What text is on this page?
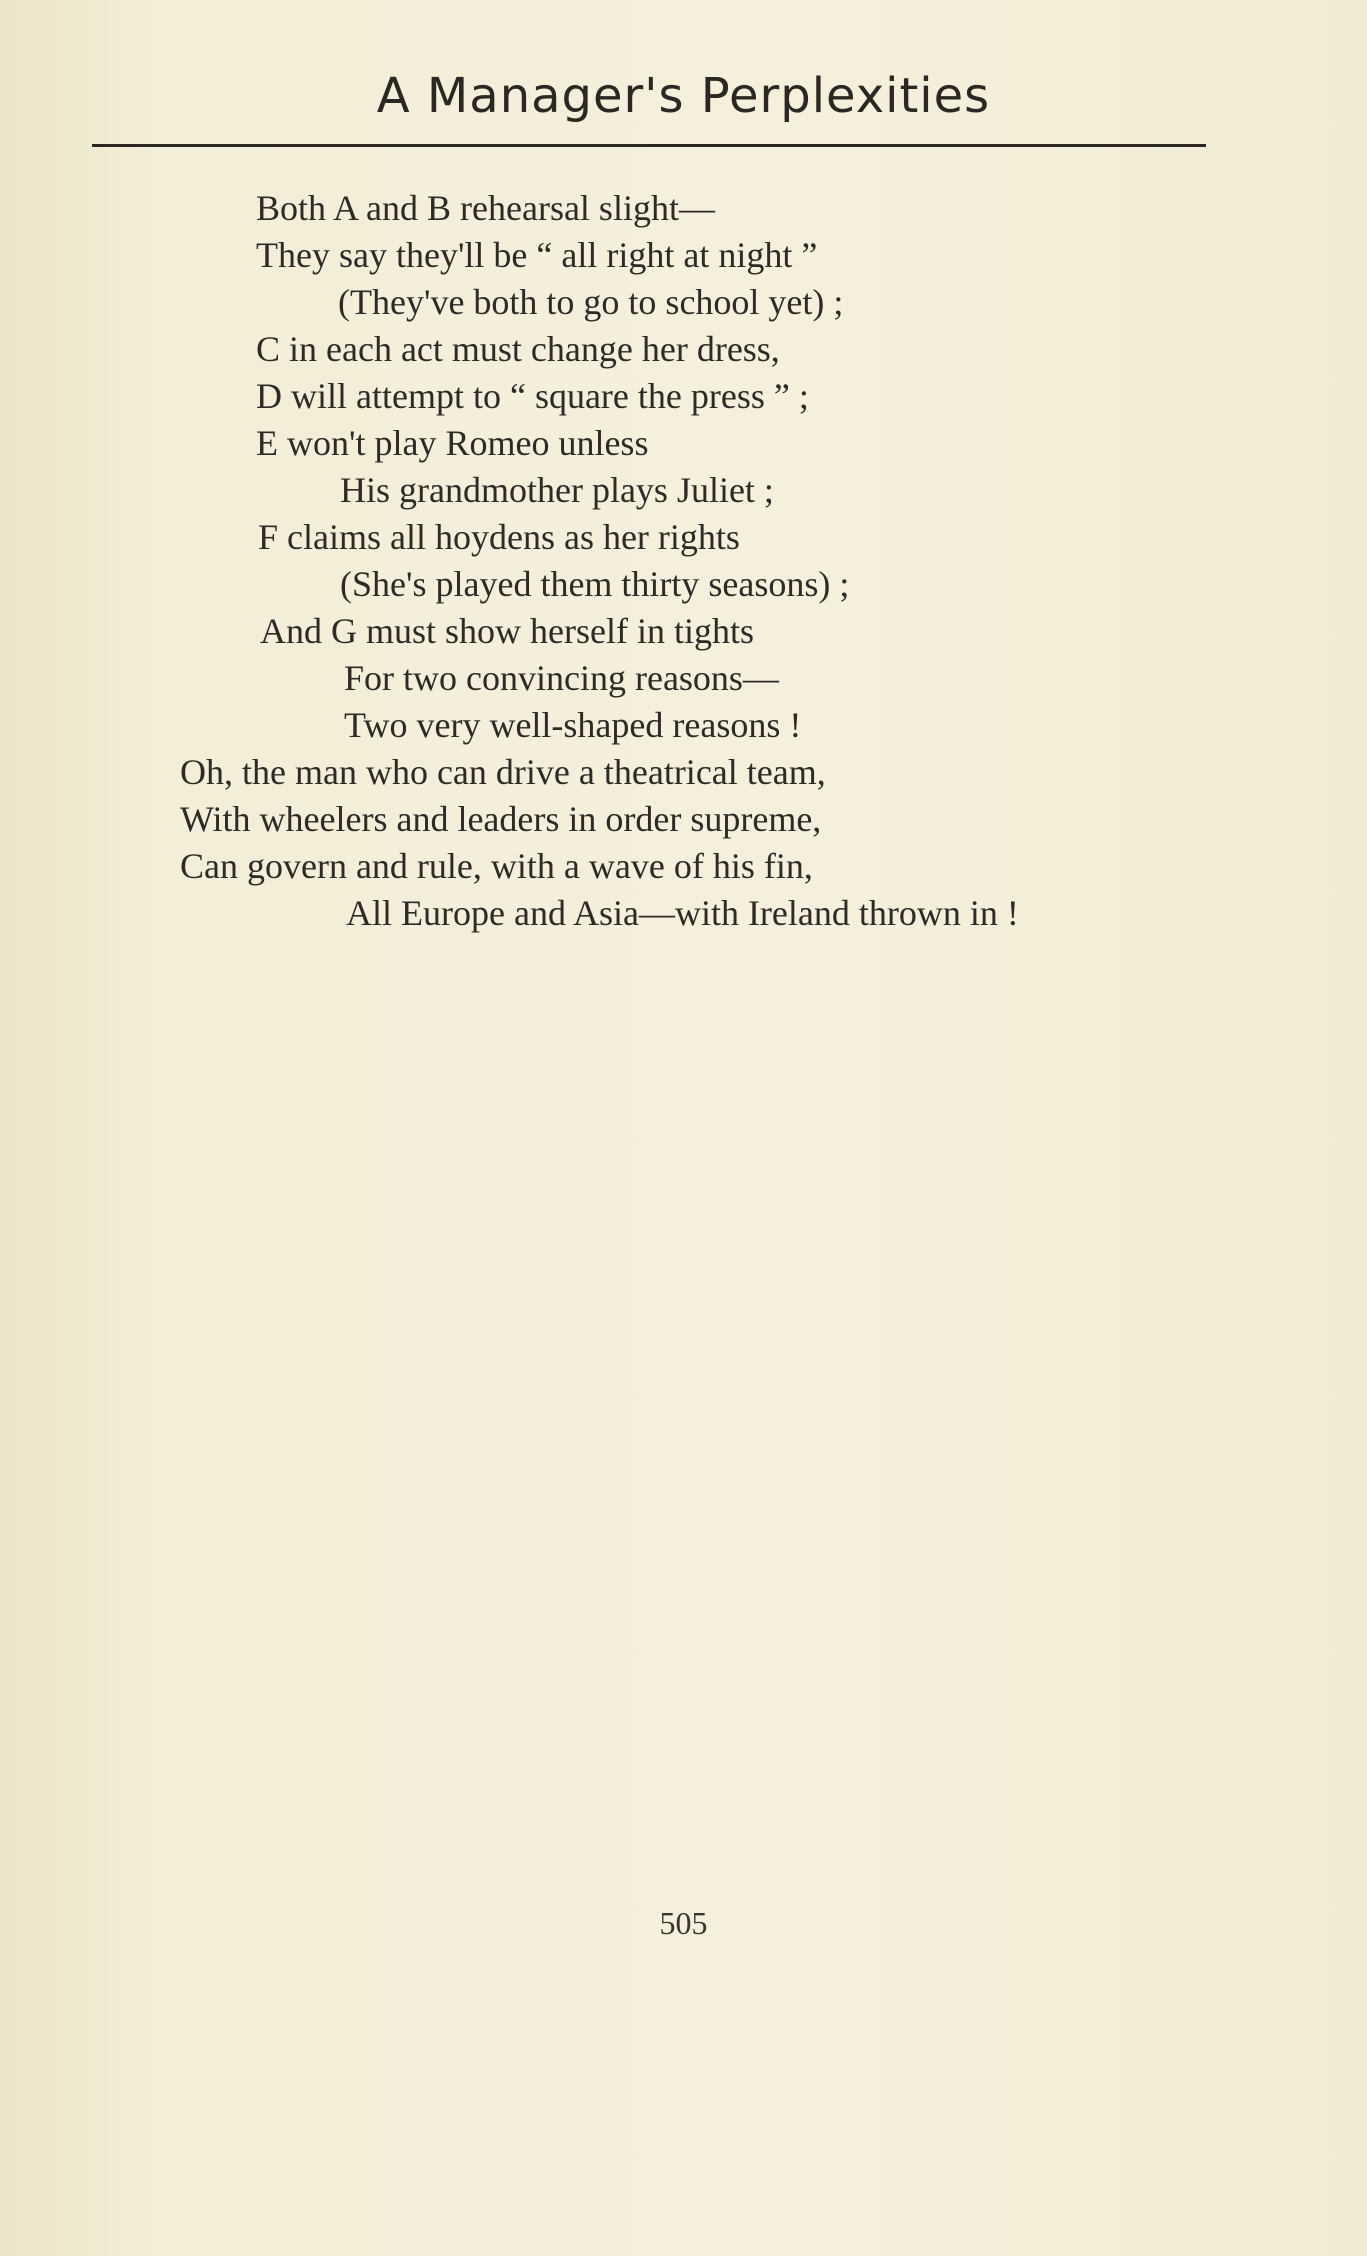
A Manager's Perplexities
Both A and B rehearsal slight—
They say they'll be “ all right at night ”
(They've both to go to school yet) ;
C in each act must change her dress,
D will attempt to “ square the press ” ;
E won't play Romeo unless
His grandmother plays Juliet ;
F claims all hoydens as her rights
(She's played them thirty seasons) ;
And G must show herself in tights
For two convincing reasons—
Two very well-shaped reasons !
Oh, the man who can drive a theatrical team,
With wheelers and leaders in order supreme,
Can govern and rule, with a wave of his fin,
All Europe and Asia—with Ireland thrown in !
505
